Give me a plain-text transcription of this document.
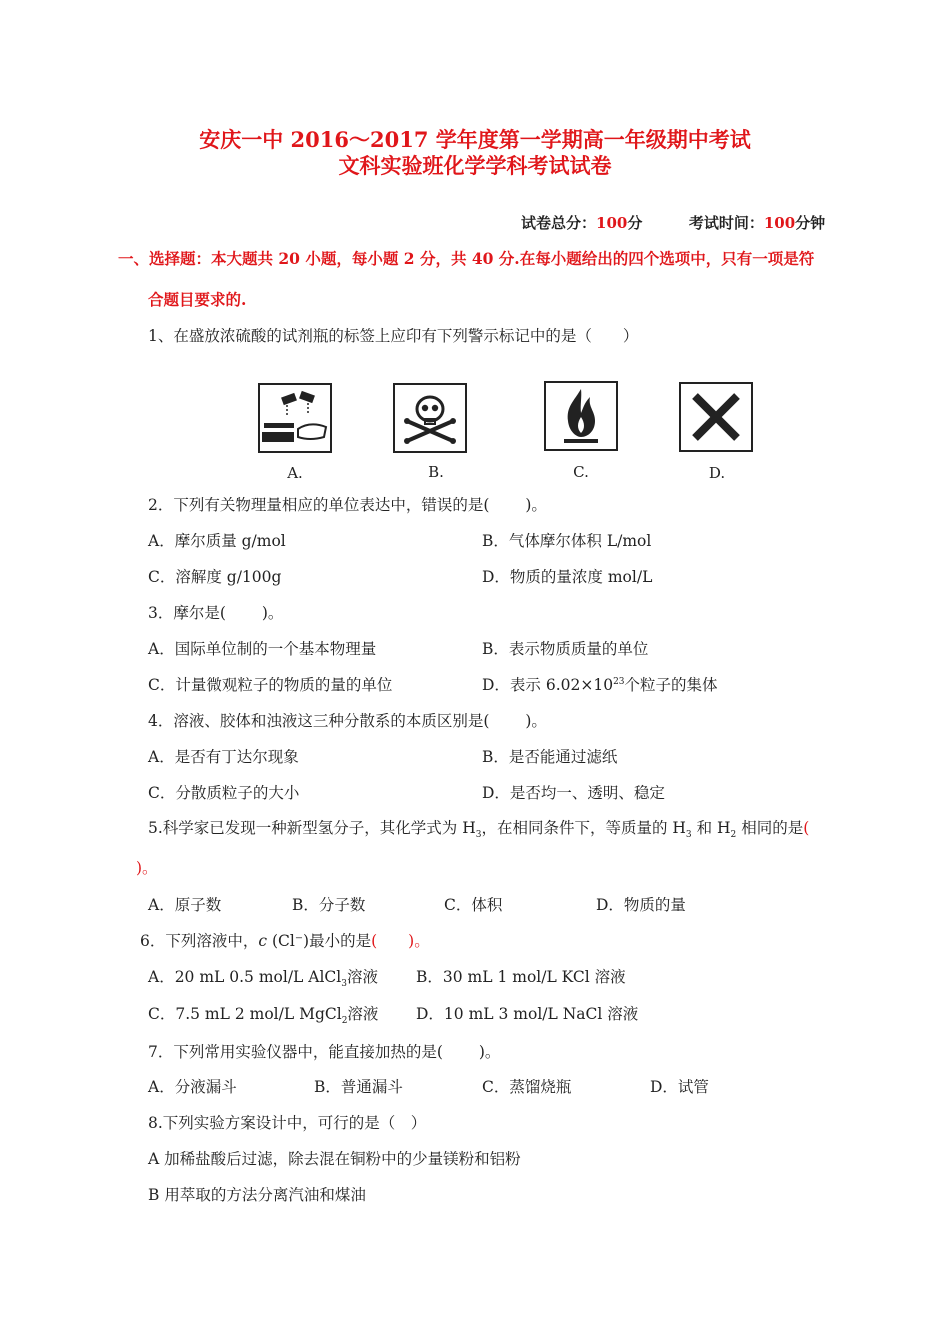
安庆一中 2016～2017 学年度第一学期高一年级期中考试
文科实验班化学学科考试试卷
试卷总分：100分	考试时间：100分钟
一、选择题：本大题共 20 小题，每小题 2 分，共 40 分.在每小题给出的四个选项中，只有一项是符
合题目要求的.
1、在盛放浓硫酸的试剂瓶的标签上应印有下列警示标记中的是（　　）
A.	B.	C.	D.
2．下列有关物理量相应的单位表达中，错误的是(　　 )。
A．摩尔质量 g/mol	B．气体摩尔体积 L/mol
C．溶解度 g/100g	D．物质的量浓度 mol/L
3．摩尔是(　　 )。
A．国际单位制的一个基本物理量	B．表示物质质量的单位
C．计量微观粒子的物质的量的单位	D．表示 $6.02\times 10^{23}$个粒子的集体
4．溶液、胶体和浊液这三种分散系的本质区别是(　　 )。
A．是否有丁达尔现象	B．是否能通过滤纸
C．分散质粒子的大小	D．是否均一、透明、稳定
5.科学家已发现一种新型氢分子，其化学式为 $H_3$，在相同条件下，等质量的 $H_3$ 和 $H_2$ 相同的是(
)。
A．原子数	B．分子数	C．体积	D．物质的量
6．下列溶液中，c (Cl⁻)最小的是(　　)。
A．20 mL 0.5 mol/L AlCl$_3$溶液 B．30 mL 1 mol/L KCl 溶液
C．7.5 mL 2 mol/L MgCl$_2$溶液 D．10 mL 3 mol/L NaCl 溶液
7．下列常用实验仪器中，能直接加热的是(　　 )。
A．分液漏斗	B．普通漏斗	C．蒸馏烧瓶	D．试管
8.下列实验方案设计中，可行的是（　）
A 加稀盐酸后过滤，除去混在铜粉中的少量镁粉和铝粉
B 用萃取的方法分离汽油和煤油
